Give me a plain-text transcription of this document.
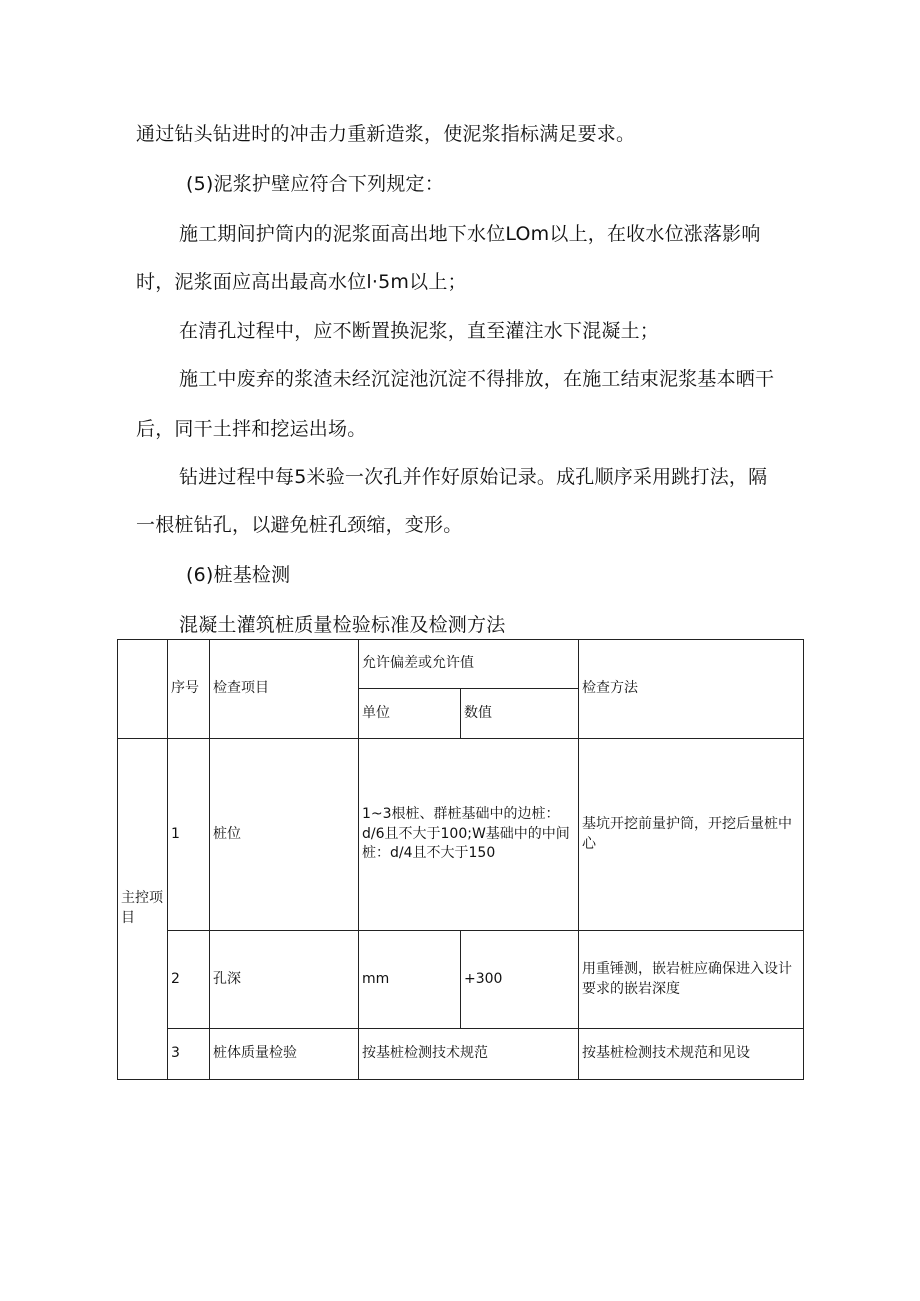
通过钻头钻进时的冲击力重新造浆，使泥浆指标满足要求。
(5)泥浆护壁应符合下列规定：
施工期间护筒内的泥浆面高出地下水位LOm以上，在收水位涨落影响
时，泥浆面应高出最高水位l·5m以上；
在清孔过程中，应不断置换泥浆，直至灌注水下混凝土；
施工中废弃的浆渣未经沉淀池沉淀不得排放，在施工结束泥浆基本晒干
后，同干土拌和挖运出场。
钻进过程中每5米验一次孔并作好原始记录。成孔顺序采用跳打法，隔
一根桩钻孔，以避免桩孔颈缩，变形。
(6)桩基检测
混凝土灌筑桩质量检验标准及检测方法
	序号	检查项目	允许偏差或允许值		检查方法
			单位	数值	
主控项目	1	桩位	1~3根桩、群桩基础中的边桩：d/6且不大于100;W基础中的中间桩：d/4且不大于150		基坑开挖前量护筒，开挖后量桩中心
	2	孔深	mm	+300	用重锤测，嵌岩桩应确保进入设计要求的嵌岩深度
	3	桩体质量检验	按基桩检测技术规范		按基桩检测技术规范和见设
